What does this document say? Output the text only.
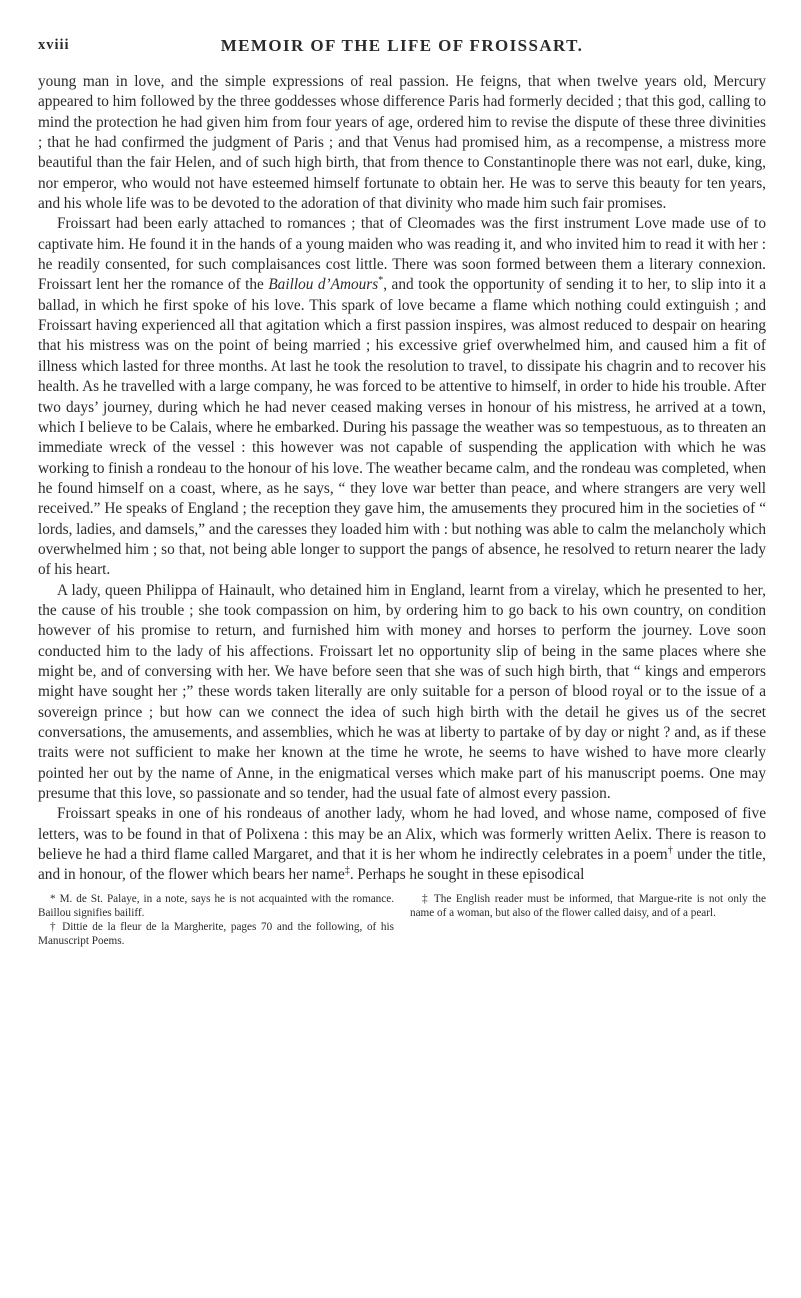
xviii	MEMOIR OF THE LIFE OF FROISSART.

young man in love, and the simple expressions of real passion. He feigns, that when twelve years old, Mercury appeared to him followed by the three goddesses whose difference Paris had formerly decided ; that this god, calling to mind the protection he had given him from four years of age, ordered him to revise the dispute of these three divinities ; that he had confirmed the judgment of Paris ; and that Venus had promised him, as a recompense, a mistress more beautiful than the fair Helen, and of such high birth, that from thence to Constantinople there was not earl, duke, king, nor emperor, who would not have esteemed himself fortunate to obtain her. He was to serve this beauty for ten years, and his whole life was to be devoted to the adoration of that divinity who made him such fair promises.

Froissart had been early attached to romances ; that of Cleomades was the first instrument Love made use of to captivate him. He found it in the hands of a young maiden who was reading it, and who invited him to read it with her : he readily consented, for such complaisances cost little. There was soon formed between them a literary connexion. Froissart lent her the romance of the Baillou d’Amours*, and took the opportunity of sending it to her, to slip into it a ballad, in which he first spoke of his love. This spark of love became a flame which nothing could extinguish ; and Froissart having experienced all that agitation which a first passion inspires, was almost reduced to despair on hearing that his mistress was on the point of being married ; his excessive grief overwhelmed him, and caused him a fit of illness which lasted for three months. At last he took the resolution to travel, to dissipate his chagrin and to recover his health. As he travelled with a large company, he was forced to be attentive to himself, in order to hide his trouble. After two days’ journey, during which he had never ceased making verses in honour of his mistress, he arrived at a town, which I believe to be Calais, where he embarked. During his passage the weather was so tempestuous, as to threaten an immediate wreck of the vessel : this however was not capable of suspending the application with which he was working to finish a rondeau to the honour of his love. The weather became calm, and the rondeau was completed, when he found himself on a coast, where, as he says, “ they love war better than peace, and where strangers are very well received.” He speaks of England ; the reception they gave him, the amusements they procured him in the societies of “ lords, ladies, and damsels,” and the caresses they loaded him with : but nothing was able to calm the melancholy which overwhelmed him ; so that, not being able longer to support the pangs of absence, he resolved to return nearer the lady of his heart.

A lady, queen Philippa of Hainault, who detained him in England, learnt from a virelay, which he presented to her, the cause of his trouble ; she took compassion on him, by ordering him to go back to his own country, on condition however of his promise to return, and furnished him with money and horses to perform the journey. Love soon conducted him to the lady of his affections. Froissart let no opportunity slip of being in the same places where she might be, and of conversing with her. We have before seen that she was of such high birth, that “ kings and emperors might have sought her ;” these words taken literally are only suitable for a person of blood royal or to the issue of a sovereign prince ; but how can we connect the idea of such high birth with the detail he gives us of the secret conversations, the amusements, and assemblies, which he was at liberty to partake of by day or night ? and, as if these traits were not sufficient to make her known at the time he wrote, he seems to have wished to have more clearly pointed her out by the name of Anne, in the enigmatical verses which make part of his manuscript poems. One may presume that this love, so passionate and so tender, had the usual fate of almost every passion.

Froissart speaks in one of his rondeaus of another lady, whom he had loved, and whose name, composed of five letters, was to be found in that of Polixena : this may be an Alix, which was formerly written Aelix. There is reason to believe he had a third flame called Margaret, and that it is her whom he indirectly celebrates in a poem† under the title, and in honour, of the flower which bears her name‡. Perhaps he sought in these episodical

* M. de St. Palaye, in a note, says he is not acquainted with the romance. Baillou signifies bailiff.

† Dittie de la fleur de la Margherite, pages 70 and the following, of his Manuscript Poems.

‡ The English reader must be informed, that Margue-rite is not only the name of a woman, but also of the flower called daisy, and of a pearl.
